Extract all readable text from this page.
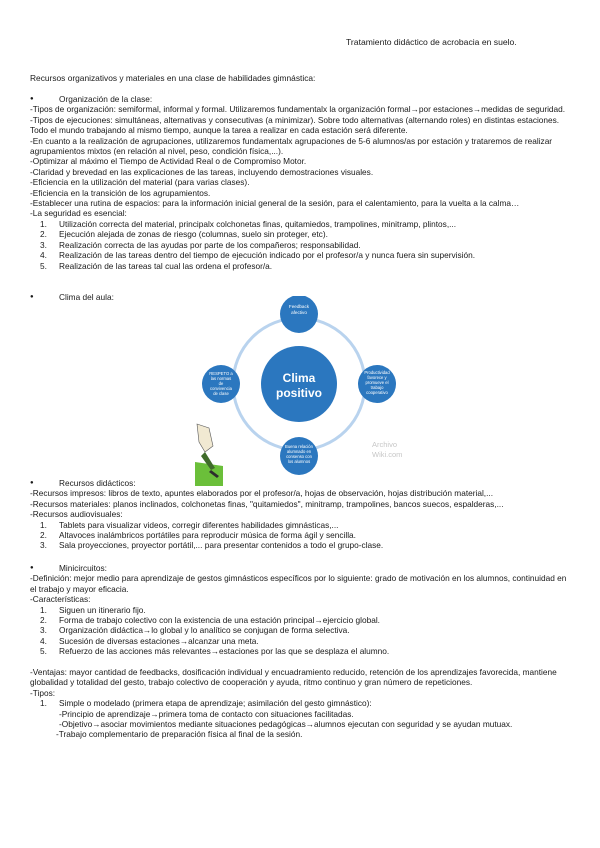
Tratamiento didáctico de acrobacia en suelo.
Recursos organizativos y materiales en una clase de habilidades gimnástica:
● Organización de la clase:
-Tipos de organización: semiformal, informal y formal. Utilizaremos fundamentalx la organización formal→por estaciones→medidas de seguridad.
-Tipos de ejecuciones: simultáneas, alternativas y consecutivas (a minimizar). Sobre todo alternativas (alternando roles) en distintas estaciones. Todo el mundo trabajando al mismo tiempo, aunque la tarea a realizar en cada estación será diferente.
-En cuanto a la realización de agrupaciones, utilizaremos fundamentalx agrupaciones de 5-6 alumnos/as por estación y trataremos de realizar agrupamientos mixtos (en relación al nivel, peso, condición física,...).
-Optimizar al máximo el Tiempo de Actividad Real o de Compromiso Motor.
-Claridad y brevedad en las explicaciones de las tareas, incluyendo demostraciones visuales.
-Eficiencia en la utilización del material (para varias clases).
-Eficiencia en la transición de los agrupamientos.
-Establecer una rutina de espacios: para la información inicial general de la sesión, para el calentamiento, para la vuelta a la calma…
-La seguridad es esencial:
1. Utilización correcta del material, principalx colchonetas finas, quitamiedos, trampolines, minitramp, plintos,...
2. Ejecución alejada de zonas de riesgo (columnas, suelo sin proteger, etc).
3. Realización correcta de las ayudas por parte de los compañeros; responsabilidad.
4. Realización de las tareas dentro del tiempo de ejecución indicado por el profesor/a y nunca fuera sin supervisión.
5. Realización de las tareas tal cual las ordena el profesor/a.
● Clima del aula:
Clima
positivo
Feedback
afectivo
Productividad
favorece y
promueve el
trabajo
cooperativo
Buena relación
alumnado en
consenso con
los alumnos
RESPETO a
las normas
de
convivencia
de clase
Archivo
Wiki.com
● Recursos didácticos:
-Recursos impresos: libros de texto, apuntes elaborados por el profesor/a, hojas de observación, hojas distribución material,...
-Recursos materiales: planos inclinados, colchonetas finas, "quitamiedos", minitramp, trampolines, bancos suecos, espalderas,...
-Recursos audiovisuales:
1. Tablets para visualizar videos, corregir diferentes habilidades gimnásticas,...
2. Altavoces inalámbricos portátiles para reproducir música de forma ágil y sencilla.
3. Sala proyecciones, proyector portátil,... para presentar contenidos a todo el grupo-clase.
● Minicircuitos:
-Definición: mejor medio para aprendizaje de gestos gimnásticos específicos por lo siguiente: grado de motivación en los alumnos, continuidad en el trabajo y mayor eficacia.
-Características:
1. Siguen un itinerario fijo.
2. Forma de trabajo colectivo con la existencia de una estación principal→ejercicio global.
3. Organización didáctica→lo global y lo analítico se conjugan de forma selectiva.
4. Sucesión de diversas estaciones→alcanzar una meta.
5. Refuerzo de las acciones más relevantes→estaciones por las que se desplaza el alumno.
-Ventajas: mayor cantidad de feedbacks, dosificación individual y encuadramiento reducido, retención de los aprendizajes favorecida, mantiene globalidad y totalidad del gesto, trabajo colectivo de cooperación y ayuda, ritmo continuo y gran número de repeticiones.
-Tipos:
1. Simple o modelado (primera etapa de aprendizaje; asimilación del gesto gimnástico):
-Principio de aprendizaje→primera toma de contacto con situaciones facilitadas.
-Objetivo→asociar movimientos mediante situaciones pedagógicas→alumnos ejecutan con seguridad y se ayudan mutuax.
-Trabajo complementario de preparación física al final de la sesión.
